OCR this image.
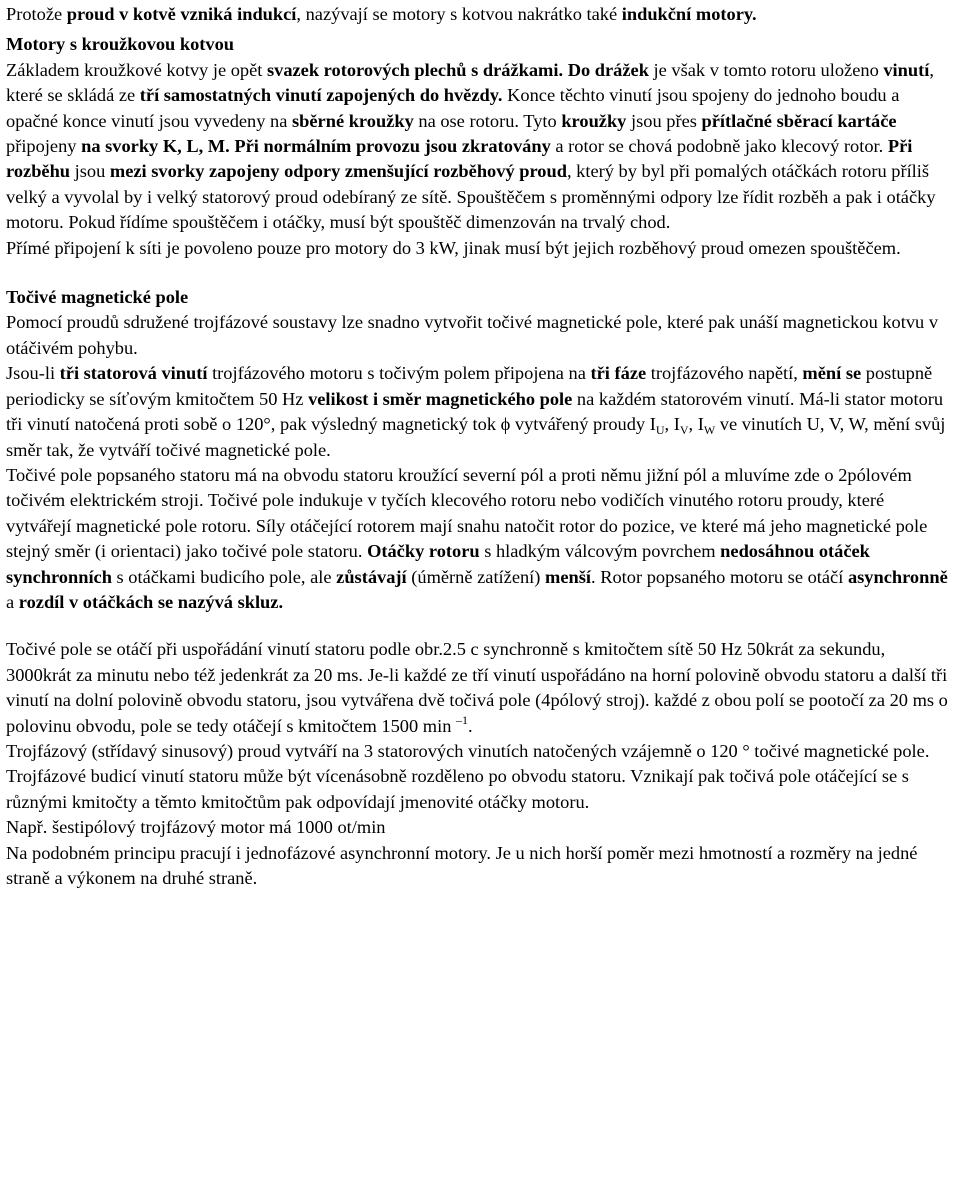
Protože proud v kotvě vzniká indukcí, nazývají se motory s kotvou nakrátko také indukční motory.

Motory s kroužkovou kotvou

Základem kroužkové kotvy je opět svazek rotorových plechů s drážkami. Do drážek je však v tomto rotoru uloženo vinutí, které se skládá ze tří samostatných vinutí zapojených do hvězdy. Konce těchto vinutí jsou spojeny do jednoho boudu a opačné konce vinutí jsou vyvedeny na sběrné kroužky na ose rotoru. Tyto kroužky jsou přes přítlačné sběrací kartáče připojeny na svorky K, L, M. Při normálním provozu jsou zkratovány a rotor se chová podobně jako klecový rotor. Při rozběhu jsou mezi svorky zapojeny odpory zmenšující rozběhový proud, který by byl při pomalých otáčkách rotoru příliš velký a vyvolal by i velký statorový proud odebíraný ze sítě. Spouštěčem s proměnnými odpory lze řídit rozběh a pak i otáčky motoru. Pokud řídíme spouštěčem i otáčky, musí být spouštěč dimenzován na trvalý chod.

Přímé připojení k síti je povoleno pouze pro motory do 3 kW, jinak musí být jejich rozběhový proud omezen spouštěčem.

Točivé magnetické pole

Pomocí proudů sdružené trojfázové soustavy lze snadno vytvořit točivé magnetické pole, které pak unáší magnetickou kotvu v otáčivém pohybu.

Jsou-li tři statorová vinutí trojfázového motoru s točivým polem připojena na tři fáze trojfázového napětí, mění se postupně periodicky se síťovým kmitočtem 50 Hz velikost i směr magnetického pole na každém statorovém vinutí. Má-li stator motoru tři vinutí natočená proti sobě o 120°, pak výsledný magnetický tok ϕ vytvářený proudy $I_U$, $I_V$, $I_W$ ve vinutích U, V, W, mění svůj směr tak, že vytváří točivé magnetické pole.

Točivé pole popsaného statoru má na obvodu statoru kroužící severní pól a proti němu jižní pól a mluvíme zde o 2pólovém točivém elektrickém stroji. Točivé pole indukuje v tyčích klecového rotoru nebo vodičích vinutého rotoru proudy, které vytvářejí magnetické pole rotoru. Síly otáčející rotorem mají snahu natočit rotor do pozice, ve které má jeho magnetické pole stejný směr (i orientaci) jako točivé pole statoru. Otáčky rotoru s hladkým válcovým povrchem nedosáhnou otáček synchronních s otáčkami budicího pole, ale zůstávají (úměrně zatížení) menší. Rotor popsaného motoru se otáčí asynchronně a rozdíl v otáčkách se nazývá skluz.

Točivé pole se otáčí při uspořádání vinutí statoru podle obr.2.5 c synchronně s kmitočtem sítě 50 Hz 50krát za sekundu, 3000krát za minutu nebo též jedenkrát za 20 ms. Je-li každé ze tří vinutí uspořádáno na horní polovině obvodu statoru a další tři vinutí na dolní polovině obvodu statoru, jsou vytvářena dvě točivá pole (4pólový stroj). každé z obou polí se pootočí za 20 ms o polovinu obvodu, pole se tedy otáčejí s kmitočtem 1500 min $^{-1}$.

Trojfázový (střídavý sinusový) proud vytváří na 3 statorových vinutích natočených vzájemně o 120 ° točivé magnetické pole.

Trojfázové budicí vinutí statoru může být vícenásobně rozděleno po obvodu statoru. Vznikají pak točivá pole otáčející se s různými kmitočty a těmto kmitočtům pak odpovídají jmenovité otáčky motoru.

Např. šestipólový trojfázový motor má 1000 ot/min

Na podobném principu pracují i jednofázové asynchronní motory. Je u nich horší poměr mezi hmotností a rozměry na jedné straně a výkonem na druhé straně.
